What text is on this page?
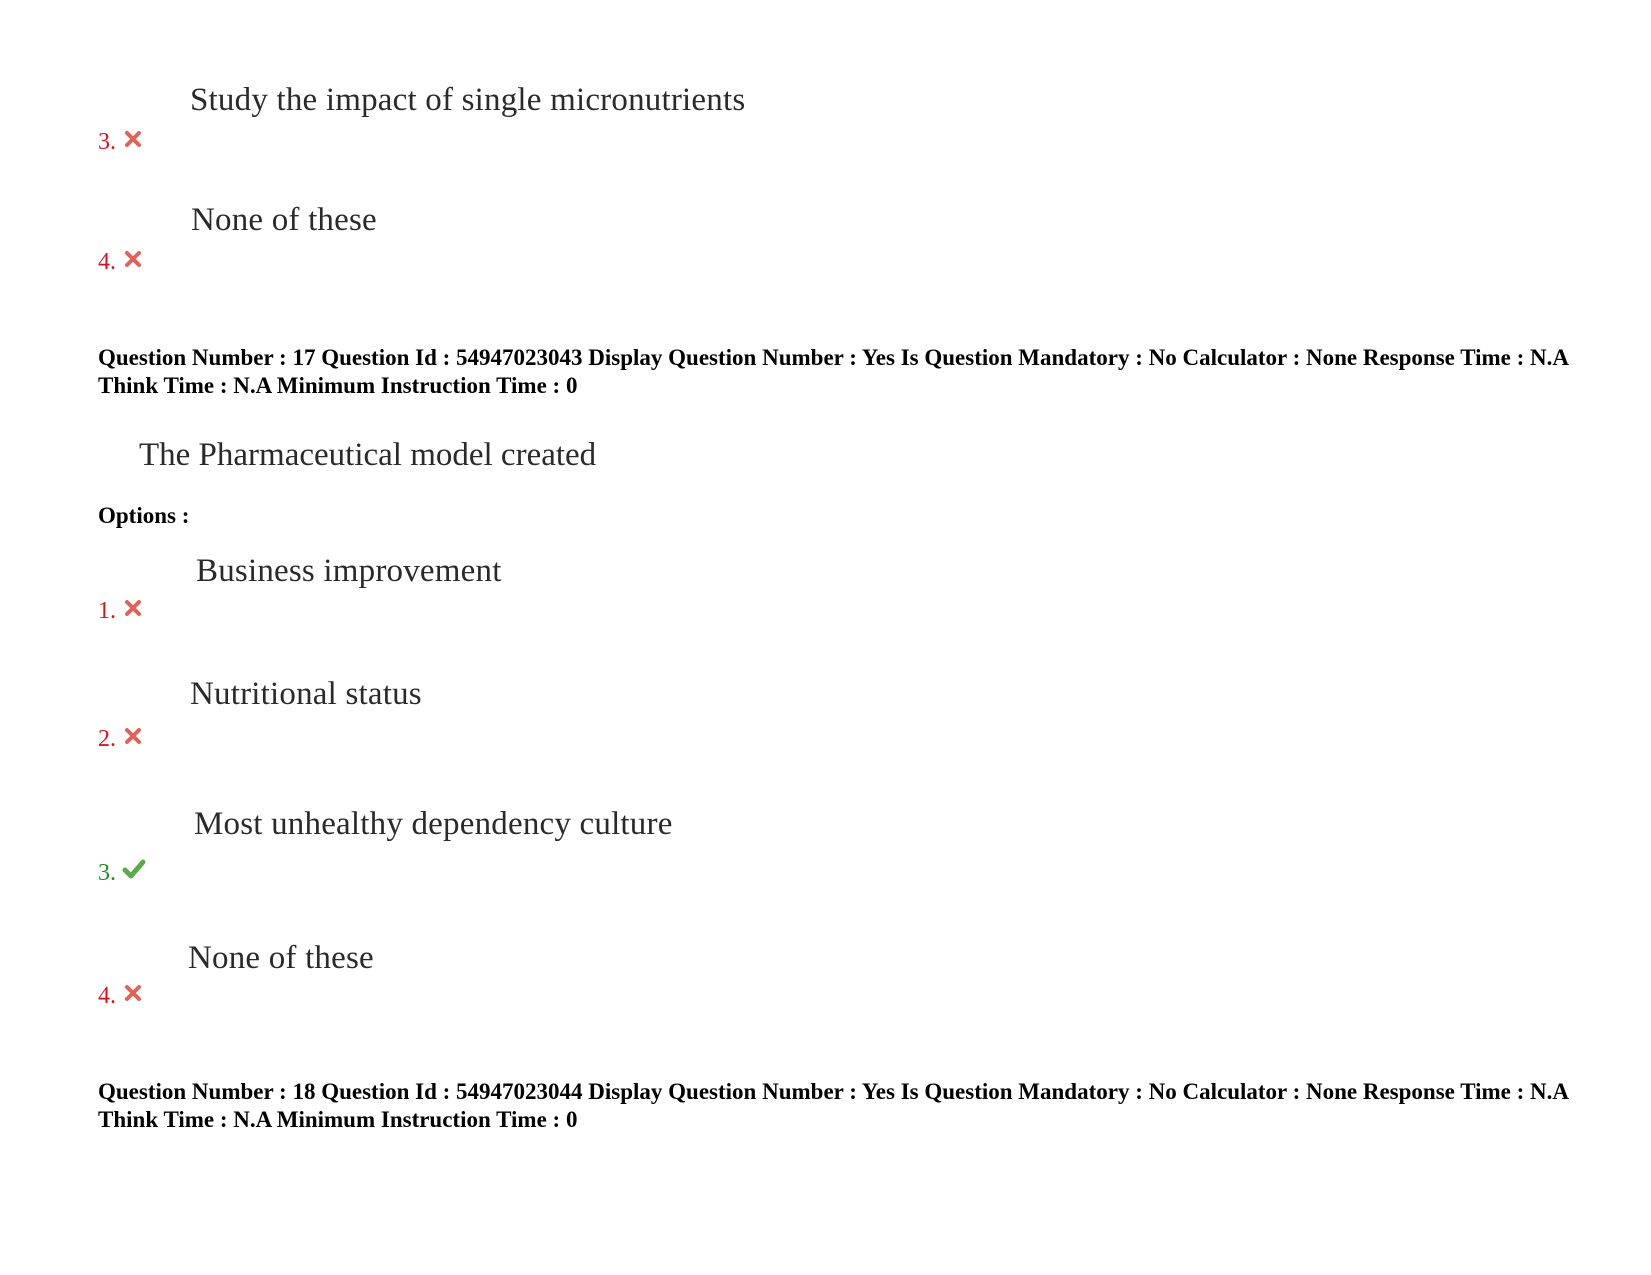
Study the impact of single micronutrients
3.
None of these
4.
Question Number : 17 Question Id : 54947023043 Display Question Number : Yes Is Question Mandatory : No Calculator : None Response Time : N.A Think Time : N.A Minimum Instruction Time : 0
The Pharmaceutical model created
Options :
Business improvement
1.
Nutritional status
2.
Most unhealthy dependency culture
3.
None of these
4.
Question Number : 18 Question Id : 54947023044 Display Question Number : Yes Is Question Mandatory : No Calculator : None Response Time : N.A Think Time : N.A Minimum Instruction Time : 0
